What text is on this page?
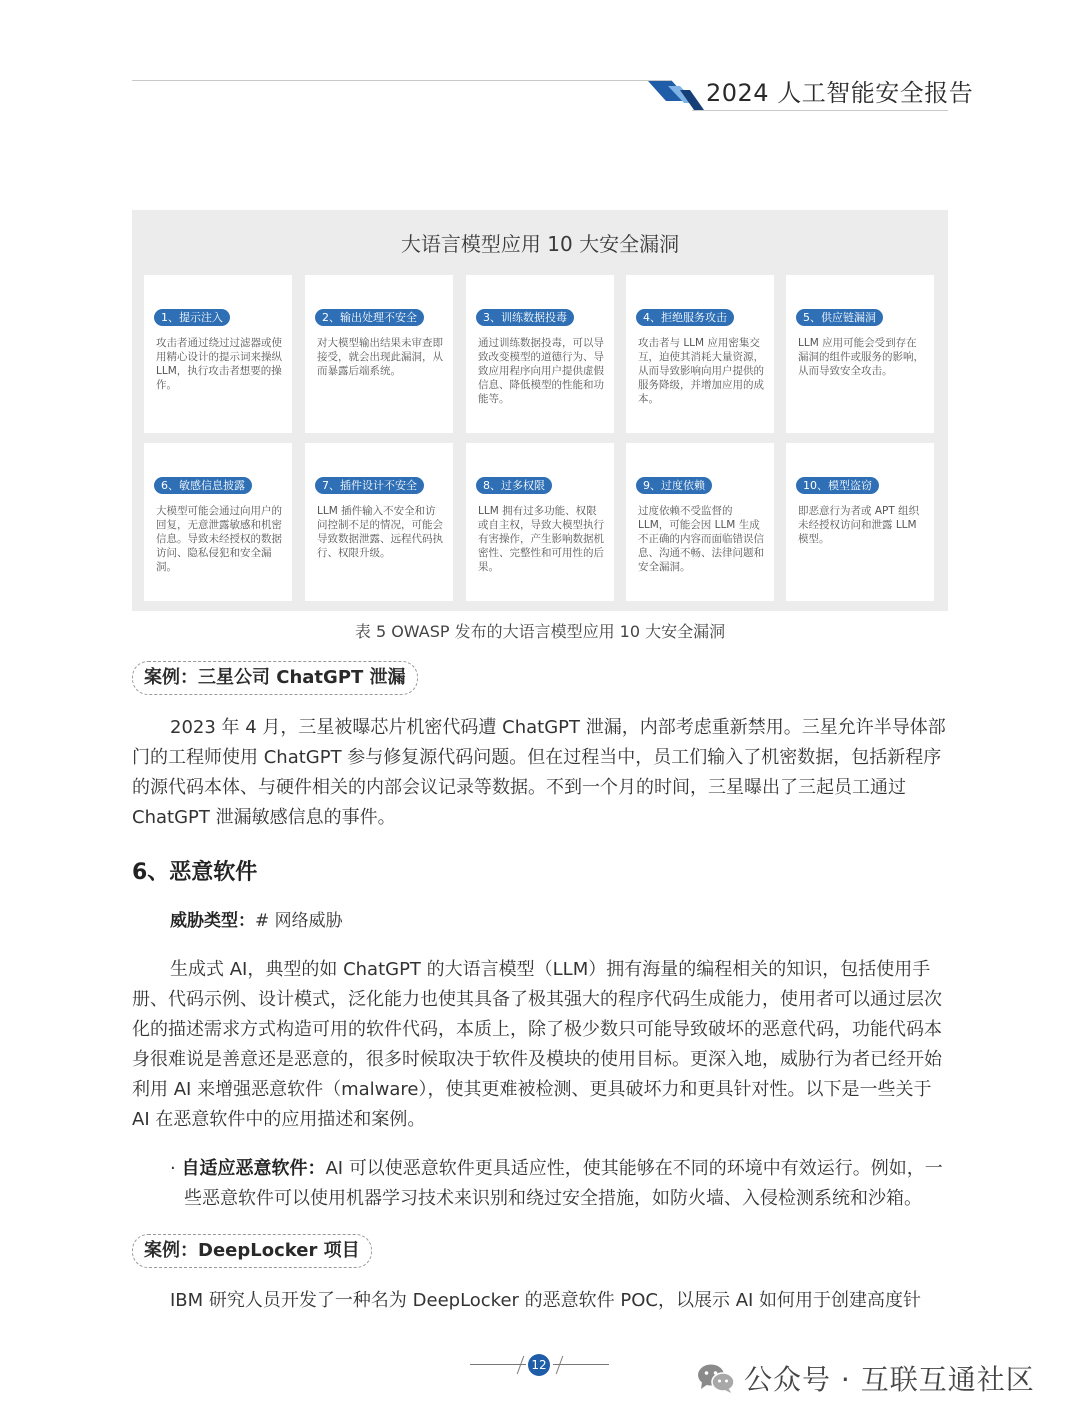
2024 人工智能安全报告
大语言模型应用 10 大安全漏洞
1、提示注入
攻击者通过绕过过滤器或使用精心设计的提示词来操纵 LLM，执行攻击者想要的操作。
2、输出处理不安全
对大模型输出结果未审查即接受，就会出现此漏洞，从而暴露后端系统。
3、训练数据投毒
通过训练数据投毒，可以导致改变模型的道德行为、导致应用程序向用户提供虚假信息、降低模型的性能和功能等。
4、拒绝服务攻击
攻击者与 LLM 应用密集交互，迫使其消耗大量资源，从而导致影响向用户提供的服务降级，并增加应用的成本。
5、供应链漏洞
LLM 应用可能会受到存在漏洞的组件或服务的影响，从而导致安全攻击。
6、敏感信息披露
大模型可能会通过向用户的回复，无意泄露敏感和机密信息。导致未经授权的数据访问、隐私侵犯和安全漏洞。
7、插件设计不安全
LLM 插件输入不安全和访问控制不足的情况，可能会导致数据泄露、远程代码执行、权限升级。
8、过多权限
LLM 拥有过多功能、权限或自主权，导致大模型执行有害操作，产生影响数据机密性、完整性和可用性的后果。
9、过度依赖
过度依赖不受监督的 LLM，可能会因 LLM 生成不正确的内容而面临错误信息、沟通不畅、法律问题和安全漏洞。
10、模型盗窃
即恶意行为者或 APT 组织未经授权访问和泄露 LLM 模型。
表 5 OWASP 发布的大语言模型应用 10 大安全漏洞
案例：三星公司 ChatGPT 泄漏
2023 年 4 月，三星被曝芯片机密代码遭 ChatGPT 泄漏，内部考虑重新禁用。三星允许半导体部门的工程师使用 ChatGPT 参与修复源代码问题。但在过程当中，员工们输入了机密数据，包括新程序的源代码本体、与硬件相关的内部会议记录等数据。不到一个月的时间，三星曝出了三起员工通过 ChatGPT 泄漏敏感信息的事件。
6、恶意软件
威胁类型：# 网络威胁
生成式 AI，典型的如 ChatGPT 的大语言模型（LLM）拥有海量的编程相关的知识，包括使用手册、代码示例、设计模式，泛化能力也使其具备了极其强大的程序代码生成能力，使用者可以通过层次化的描述需求方式构造可用的软件代码，本质上，除了极少数只可能导致破坏的恶意代码，功能代码本身很难说是善意还是恶意的，很多时候取决于软件及模块的使用目标。更深入地，威胁行为者已经开始利用 AI 来增强恶意软件（malware），使其更难被检测、更具破坏力和更具针对性。以下是一些关于 AI 在恶意软件中的应用描述和案例。
· 自适应恶意软件：AI 可以使恶意软件更具适应性，使其能够在不同的环境中有效运行。例如，一些恶意软件可以使用机器学习技术来识别和绕过安全措施，如防火墙、入侵检测系统和沙箱。
案例：DeepLocker 项目
IBM 研究人员开发了一种名为 DeepLocker 的恶意软件 POC，以展示 AI 如何用于创建高度针
12	公众号 · 互联互通社区
